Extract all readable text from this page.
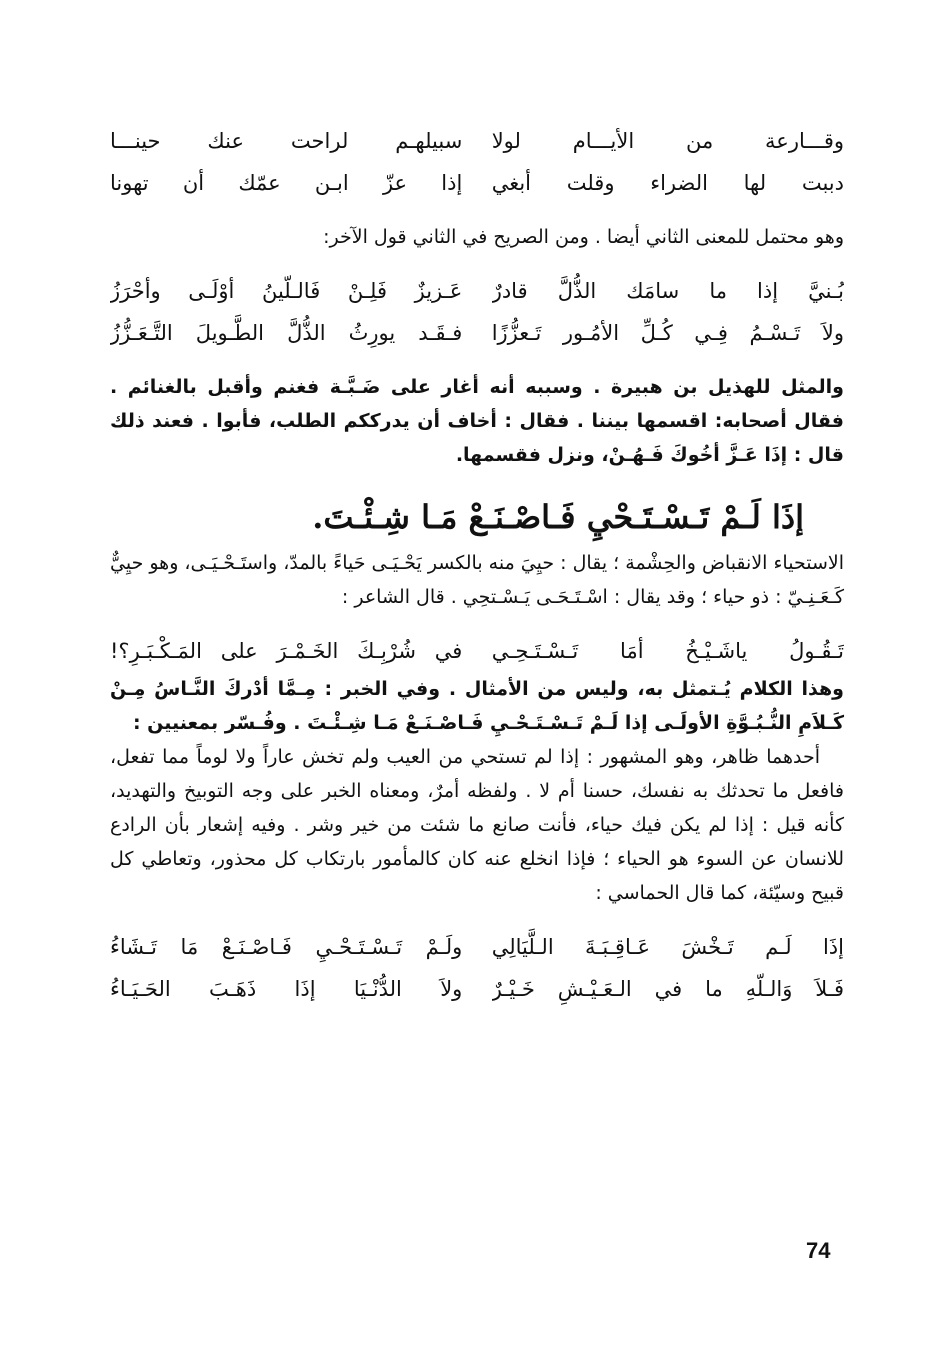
وقـــارعة من الأيـــام لولا
سبيلهـم لراحت عنك حينـــا
دببت لها الضراء وقلت أبغي
إذا عزّ ابـن عمّك أن تهونا

وهو محتمل للمعنى الثاني أيضا . ومن الصريح في الثاني قول الآخر:

بُـنيَّ إذا ما سامَك الذُّلَّ قادرٌ
عَـزيزٌ فَلِـنْ فَالـلّينُ أوْلَـى وأحْرَزُ
ولاَ تَـسْـمُ فِـي كُـلِّ الأمُـور تَـعزُّزًا
فـقَـد يورِثُ الذُّلَّ الطَّـويلَ التَّـعَـزُّزُ

والمثل للهذيل بن هبيرة . وسببه أنه أغار على ضَـبَّـة فغنم وأقبل بالغنائم . فقال أصحابه: اقسمها بيننا . فقال : أخاف أن يدرككم الطلب، فأبوا . فعند ذلك قال : إذَا عَـزَّ أخُوكَ فَـهُـنْ، ونزل فقسمها.

إذَا لَـمْ تَـسْـتَـحْيِ فَـاصْـنَـعْ مَـا شِـئْـتَ.

الاستحياء الانقباض والحِشْمة ؛ يقال : حيِيَ منه بالكسر يَحْـيَـى حَياءً بالمدّ، واستَـحْـيَـى، وهو حيِيٌّ كَـعَـنِـيّ : ذو حياء ؛ وقد يقال : اسْـتَـحَـى يَـسْـتحِي . قال الشاعر :

تَـقُـولُ ياشَـيْـخُ أمَا تَـسْـتَـحِـي
في شُرْبِـكَ الخَـمْـرَ على المَـكْـبَـرِ؟!

وهذا الكلام يُـتمثل به، وليس من الأمثال . وفي الخبر : مِـمَّا أدْركَ النَّـاسُ مِـنْ كَـلاَمِ النُّـبُـوَّةِ الأولَـى إذا لَـمْ تَـسْـتَـحْـيِ فَـاصْـنَـعْ مَـا شِـئْـتَ . وفُـسّر بمعنيين :

أحدهما ظاهر، وهو المشهور : إذا لم تستحي من العيب ولم تخش عاراً ولا لوماً مما تفعل، فافعل ما تحدثك به نفسك، حسنا أم لا . ولفظه أمرٌ، ومعناه الخبر على وجه التوبيخ والتهديد، كأنه قيل : إذا لم يكن فيك حياء، فأنت صانع ما شئت من خير وشر . وفيه إشعار بأن الرادع للانسان عن السوء هو الحياء ؛ فإذا انخلع عنه كان كالمأمور بارتكاب كل محذور، وتعاطي كل قبيح وسيّئة، كما قال الحماسي :

إذَا لَـم تَـخْشَ عَـاقِـبَـةَ الـلَّيَالِي
ولَـمْ تَـسْـتَـحْـيِ فَـاصْـنَـعْ مَا تَـشَاءُ
فَـلاَ وَالـلّهِ ما في الـعَـيْـشِ خَـيْـرٌ
ولاَ الدُّنْـيَا إذَا ذَهَـبَ الحَـيَـاءُ
74
